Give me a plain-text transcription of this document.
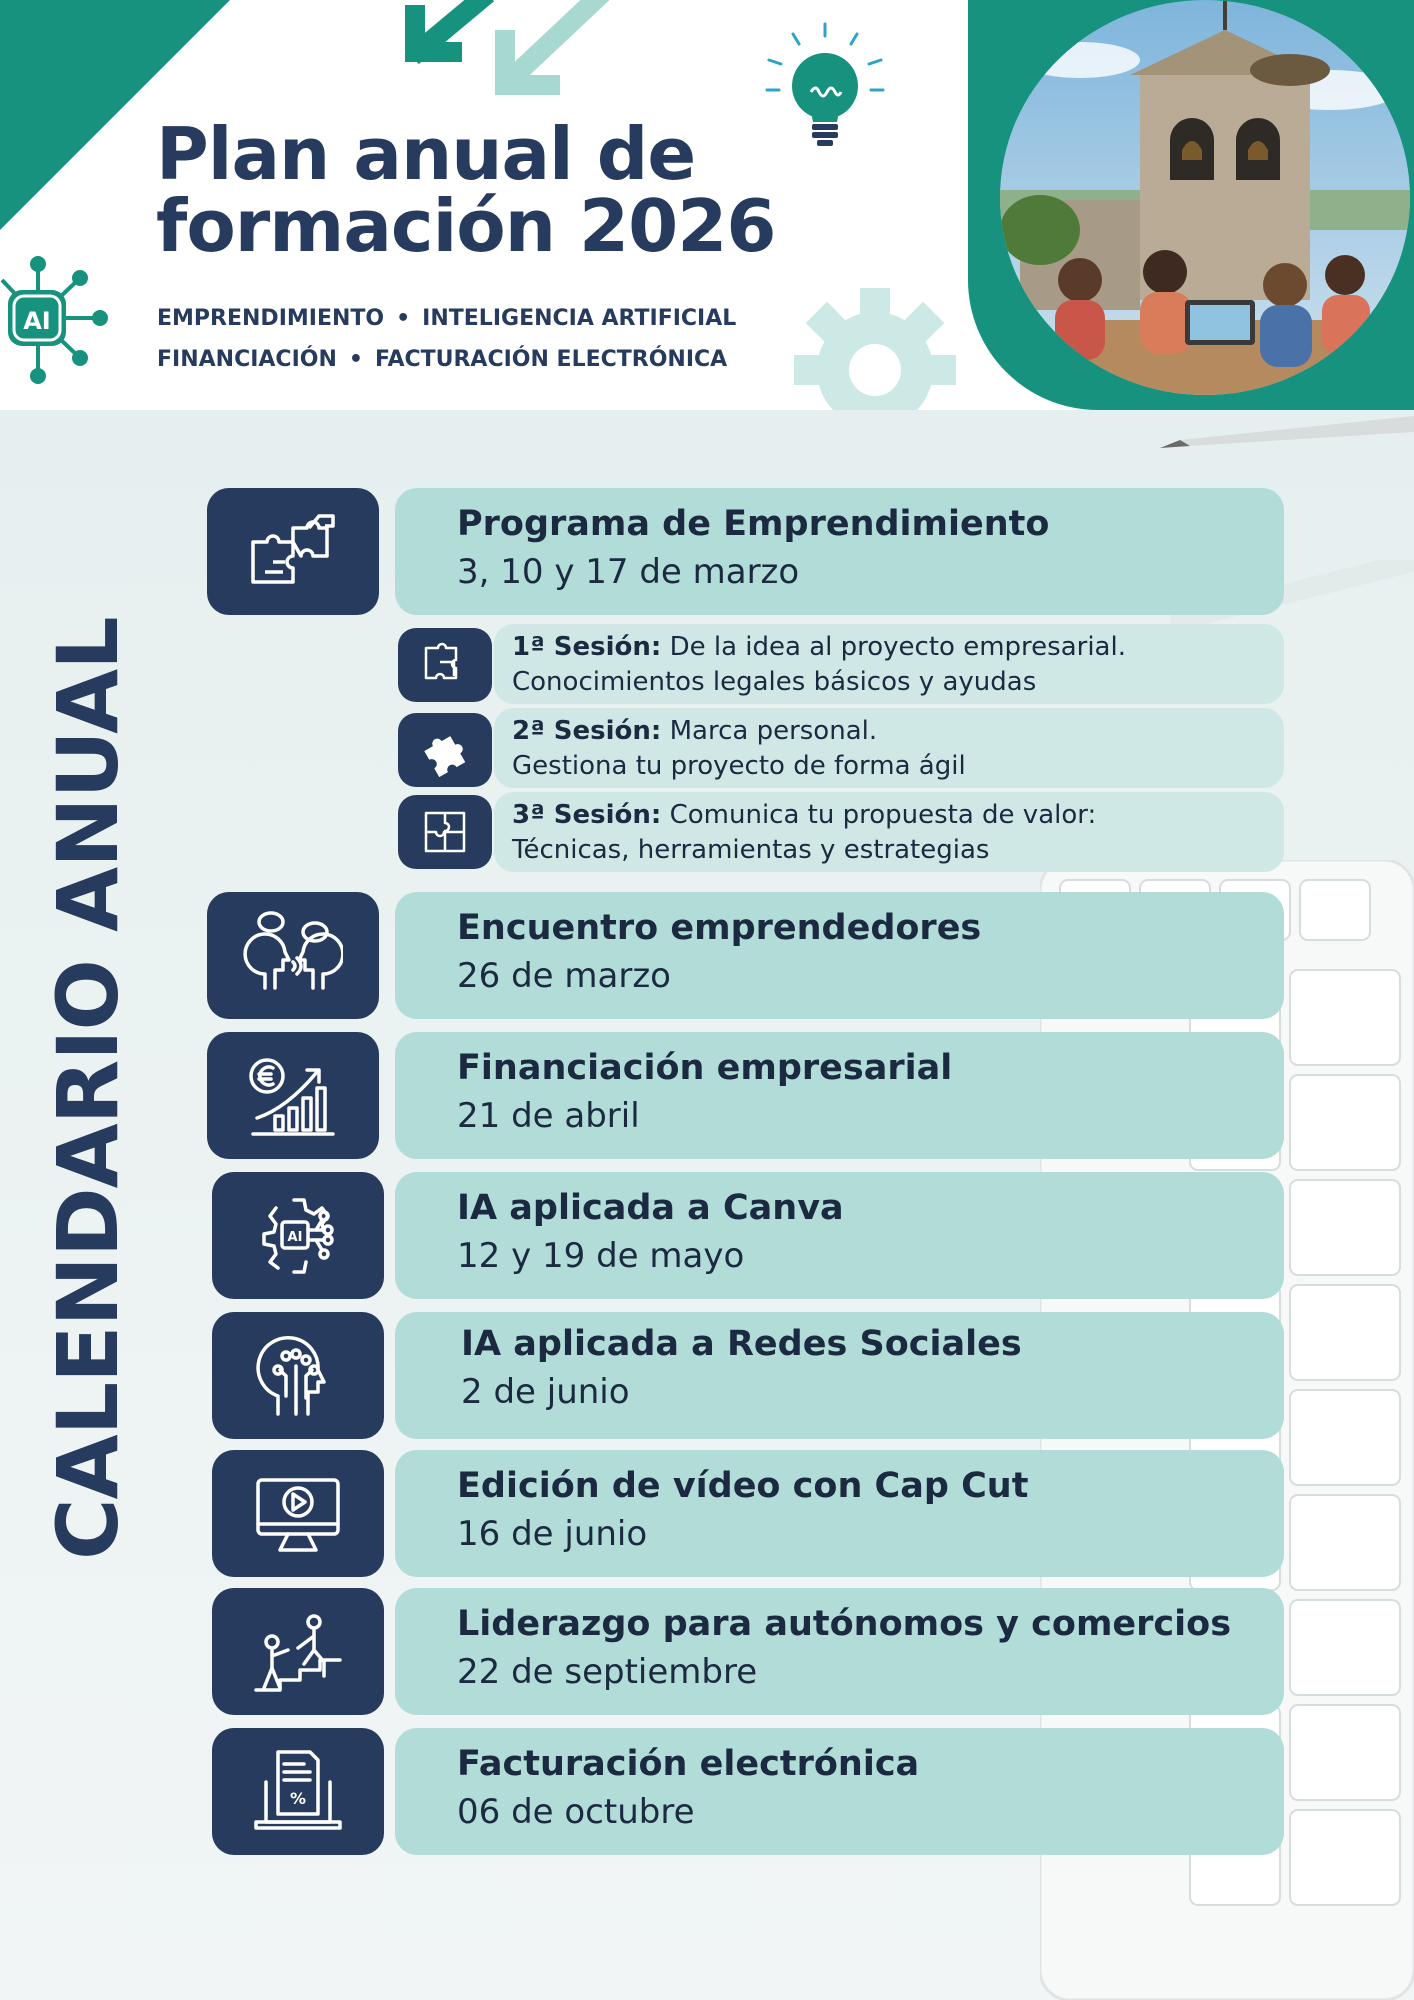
AI
Plan anual de
formación 2026
EMPRENDIMIENTO • INTELIGENCIA ARTIFICIAL
FINANCIACIÓN • FACTURACIÓN ELECTRÓNICA
CALENDARIO ANUAL
Programa de Emprendimiento
3, 10 y 17 de marzo
1ª Sesión: De la idea al proyecto empresarial.
Conocimientos legales básicos y ayudas
2ª Sesión: Marca personal.
Gestiona tu proyecto de forma ágil
3ª Sesión: Comunica tu propuesta de valor:
Técnicas, herramientas y estrategias
Encuentro emprendedores
26 de marzo
Financiación empresarial
21 de abril
AI
IA aplicada a Canva
12 y 19 de mayo
IA aplicada a Redes Sociales
2 de junio
Edición de vídeo con Cap Cut
16 de junio
Liderazgo para autónomos y comercios
22 de septiembre
%
Facturación electrónica
06 de octubre
